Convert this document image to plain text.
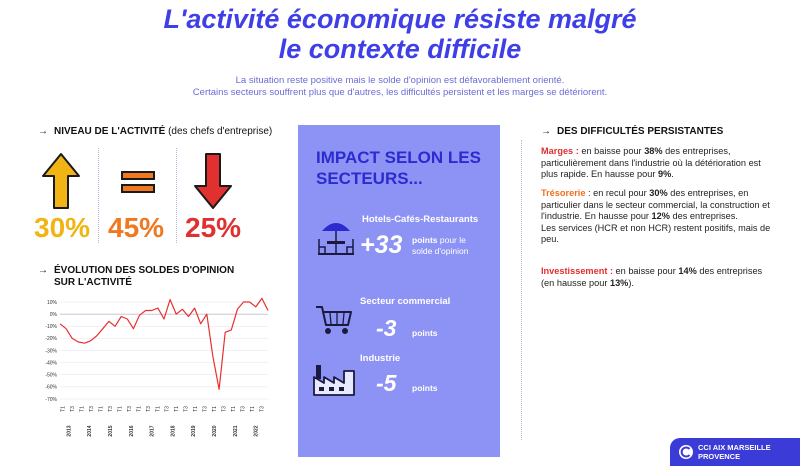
L'activité économique résiste malgré
le contexte difficile
La situation reste positive mais le solde d'opinion est défavorablement orienté.
Certains secteurs souffrent plus que d'autres, les difficultés persistent et les marges se détériorent.
→ NIVEAU DE L'ACTIVITÉ (des chefs d'entreprise)
30% 45% 25%
→ ÉVOLUTION DES SOLDES D'OPINION
SUR L'ACTIVITÉ
10%
0%
-10%
-20%
-30%
-40%
-50%
-60%
-70%
T1 T3 T1 T3 T1 T3 T1 T3 T1 T3 T1 T3 T1 T3 T1 T3 T1 T3 T1 T3 T1 T3
2013	2014	2015	2016	2017	2018	2019	2020	2021	2022
IMPACT SELON LES
SECTEURS...
Hotels-Cafés-Restaurants
+33 points pour le
solde d'opinion
Secteur commercial
-3 points
Industrie
-5 points
→ DES DIFFICULTÉS PERSISTANTES
Marges : en baisse pour 38% des entreprises, particulièrement dans l'industrie où la détérioration est plus rapide. En hausse pour 9%.
Trésorerie : en recul pour 30% des entreprises, en particulier dans le secteur commercial, la construction et l'industrie. En hausse pour 12% des entreprises.
Les services (HCR et non HCR) restent positifs, mais de peu.
Investissement : en baisse pour 14% des entreprises (en hausse pour 13%).
CCI AIX MARSEILLE
PROVENCE
